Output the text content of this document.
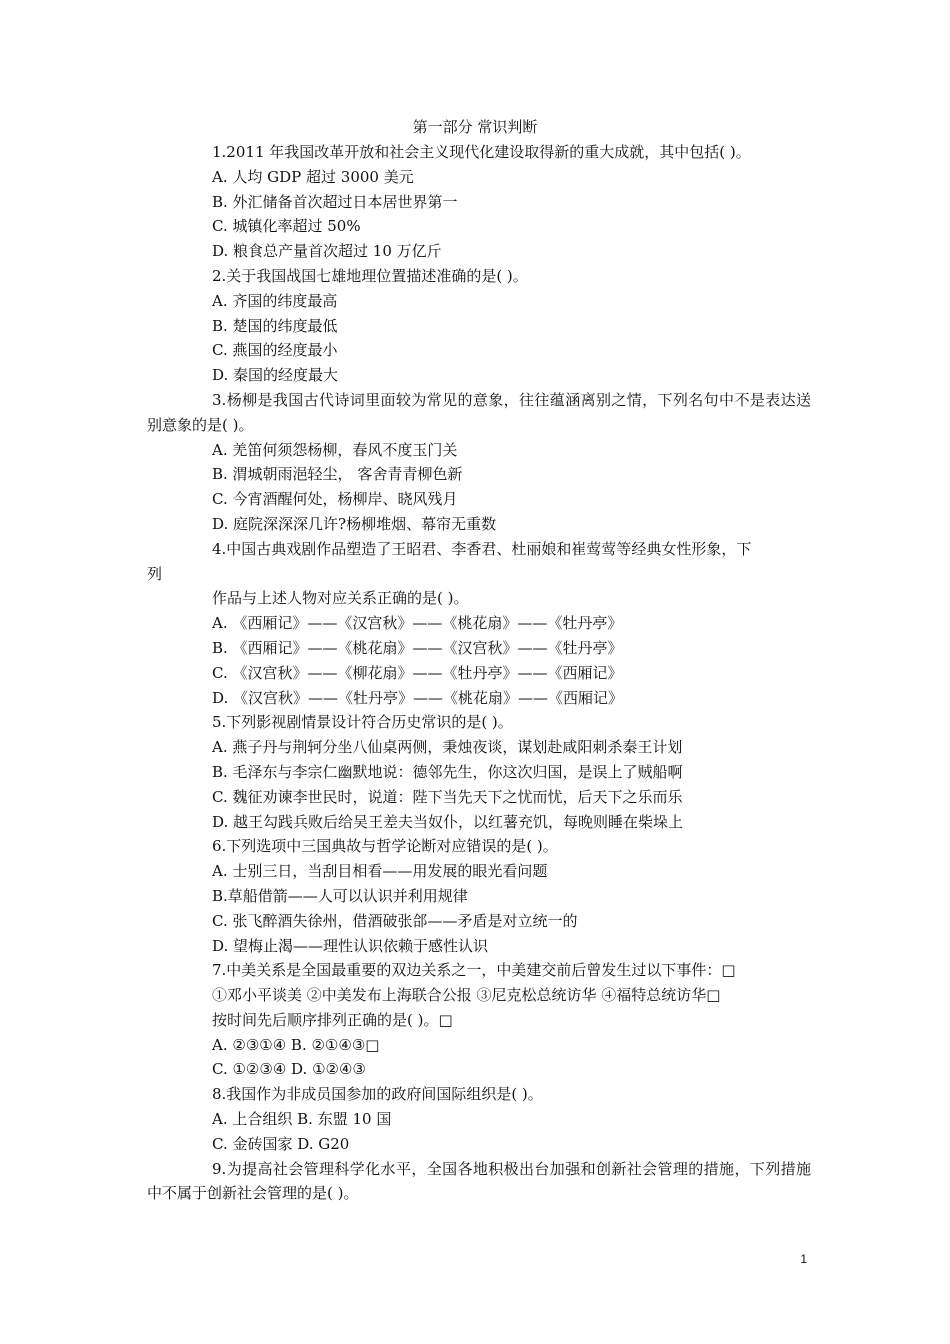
第一部分 常识判断
1.2011 年我国改革开放和社会主义现代化建设取得新的重大成就，其中包括( )。
A. 人均 GDP 超过 3000 美元
B. 外汇储备首次超过日本居世界第一
C. 城镇化率超过 50%
D. 粮食总产量首次超过 10 万亿斤
2.关于我国战国七雄地理位置描述准确的是( )。
A. 齐国的纬度最高
B. 楚国的纬度最低
C. 燕国的经度最小
D. 秦国的经度最大
3.杨柳是我国古代诗词里面较为常见的意象，往往蕴涵离别之情，下列名句中不是表达送别意象的是( )。
A. 羌笛何须怨杨柳，春风不度玉门关
B. 渭城朝雨浥轻尘， 客舍青青柳色新
C. 今宵酒醒何处，杨柳岸、晓风残月
D. 庭院深深深几许?杨柳堆烟、幕帘无重数
4.中国古典戏剧作品塑造了王昭君、李香君、杜丽娘和崔莺莺等经典女性形象，下
列
作品与上述人物对应关系正确的是( )。
A. 《西厢记》——《汉宫秋》——《桃花扇》——《牡丹亭》
B. 《西厢记》——《桃花扇》——《汉宫秋》——《牡丹亭》
C. 《汉宫秋》——《柳花扇》——《牡丹亭》——《西厢记》
D. 《汉宫秋》——《牡丹亭》——《桃花扇》——《西厢记》
5.下列影视剧情景设计符合历史常识的是( )。
A. 燕子丹与荆轲分坐八仙桌两侧，秉烛夜谈，谋划赴咸阳刺杀秦王计划
B. 毛泽东与李宗仁幽默地说：德邻先生，你这次归国，是误上了贼船啊
C. 魏征劝谏李世民时，说道：陛下当先天下之忧而忧，后天下之乐而乐
D. 越王勾践兵败后给吴王差夫当奴仆，以红薯充饥，每晚则睡在柴垛上
6.下列选项中三国典故与哲学论断对应错误的是( )。
A. 士别三日，当刮目相看——用发展的眼光看问题
B.草船借箭——人可以认识并利用规律
C. 张飞醉酒失徐州，借酒破张郃——矛盾是对立统一的
D. 望梅止渴——理性认识依赖于感性认识
7.中美关系是全国最重要的双边关系之一，中美建交前后曾发生过以下事件：□
①邓小平谈美 ②中美发布上海联合公报 ③尼克松总统访华 ④福特总统访华□
按时间先后顺序排列正确的是( )。□
A. ②③①④ B. ②①④③□
C. ①②③④ D. ①②④③
8.我国作为非成员国参加的政府间国际组织是( )。
A. 上合组织 B. 东盟 10 国
C. 金砖国家 D. G20
9.为提高社会管理科学化水平，全国各地积极出台加强和创新社会管理的措施，下列措施中不属于创新社会管理的是( )。
1
